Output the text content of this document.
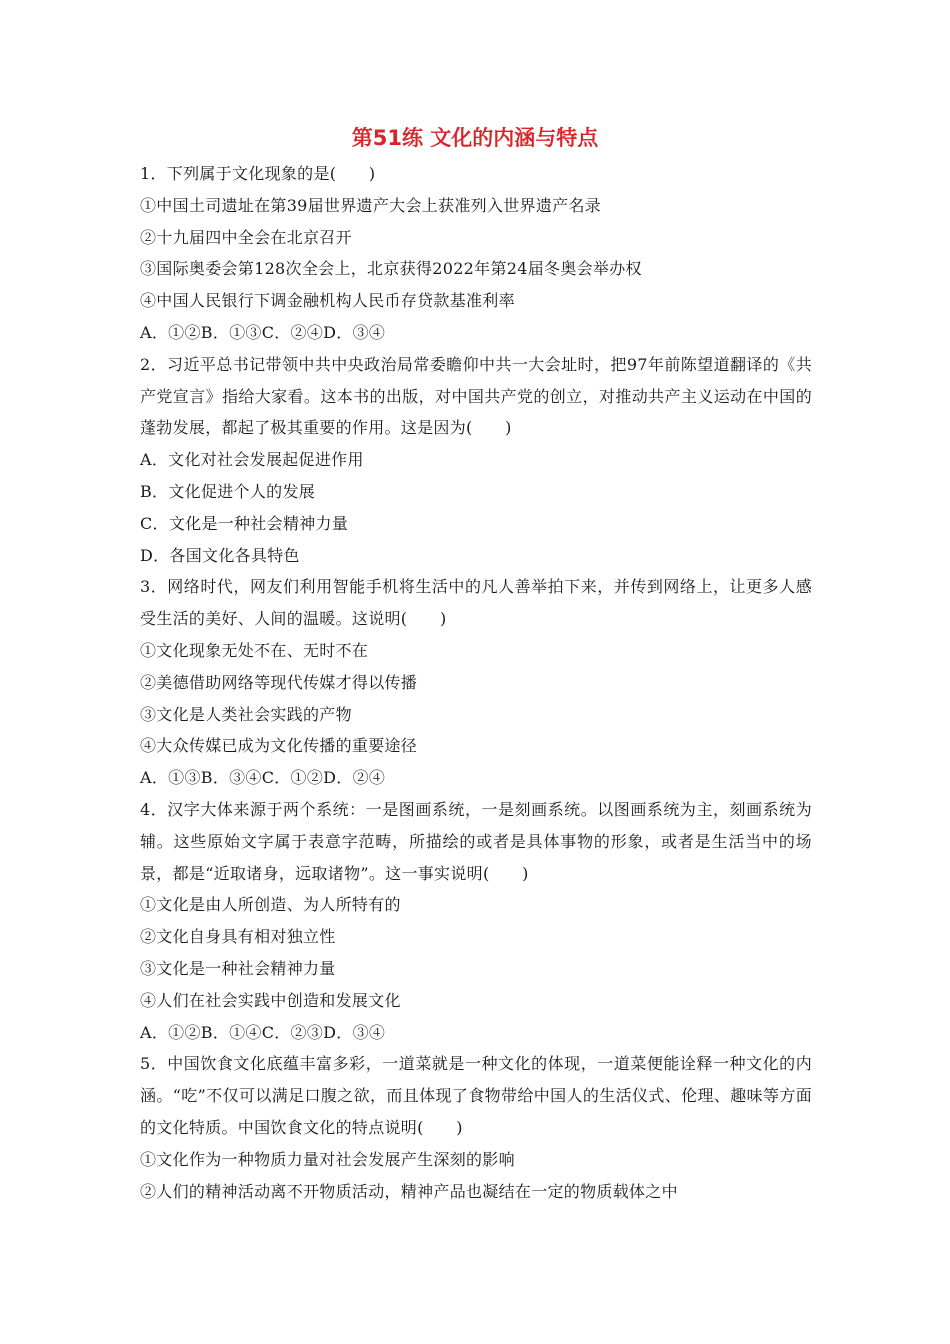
第51练 文化的内涵与特点

1．下列属于文化现象的是(　　)

①中国土司遗址在第39届世界遗产大会上获准列入世界遗产名录

②十九届四中全会在北京召开

③国际奥委会第128次全会上，北京获得2022年第24届冬奥会举办权

④中国人民银行下调金融机构人民币存贷款基准利率

A．①②B．①③C．②④D．③④

2．习近平总书记带领中共中央政治局常委瞻仰中共一大会址时，把97年前陈望道翻译的《共产党宣言》指给大家看。这本书的出版，对中国共产党的创立，对推动共产主义运动在中国的蓬勃发展，都起了极其重要的作用。这是因为(　　)

A．文化对社会发展起促进作用

B．文化促进个人的发展

C．文化是一种社会精神力量

D．各国文化各具特色

3．网络时代，网友们利用智能手机将生活中的凡人善举拍下来，并传到网络上，让更多人感受生活的美好、人间的温暖。这说明(　　)

①文化现象无处不在、无时不在

②美德借助网络等现代传媒才得以传播

③文化是人类社会实践的产物

④大众传媒已成为文化传播的重要途径

A．①③B．③④C．①②D．②④

4．汉字大体来源于两个系统：一是图画系统，一是刻画系统。以图画系统为主，刻画系统为辅。这些原始文字属于表意字范畴，所描绘的或者是具体事物的形象，或者是生活当中的场景，都是“近取诸身，远取诸物”。这一事实说明(　　)

①文化是由人所创造、为人所特有的

②文化自身具有相对独立性

③文化是一种社会精神力量

④人们在社会实践中创造和发展文化

A．①②B．①④C．②③D．③④

5．中国饮食文化底蕴丰富多彩，一道菜就是一种文化的体现，一道菜便能诠释一种文化的内涵。“吃”不仅可以满足口腹之欲，而且体现了食物带给中国人的生活仪式、伦理、趣味等方面的文化特质。中国饮食文化的特点说明(　　)

①文化作为一种物质力量对社会发展产生深刻的影响

②人们的精神活动离不开物质活动，精神产品也凝结在一定的物质载体之中
